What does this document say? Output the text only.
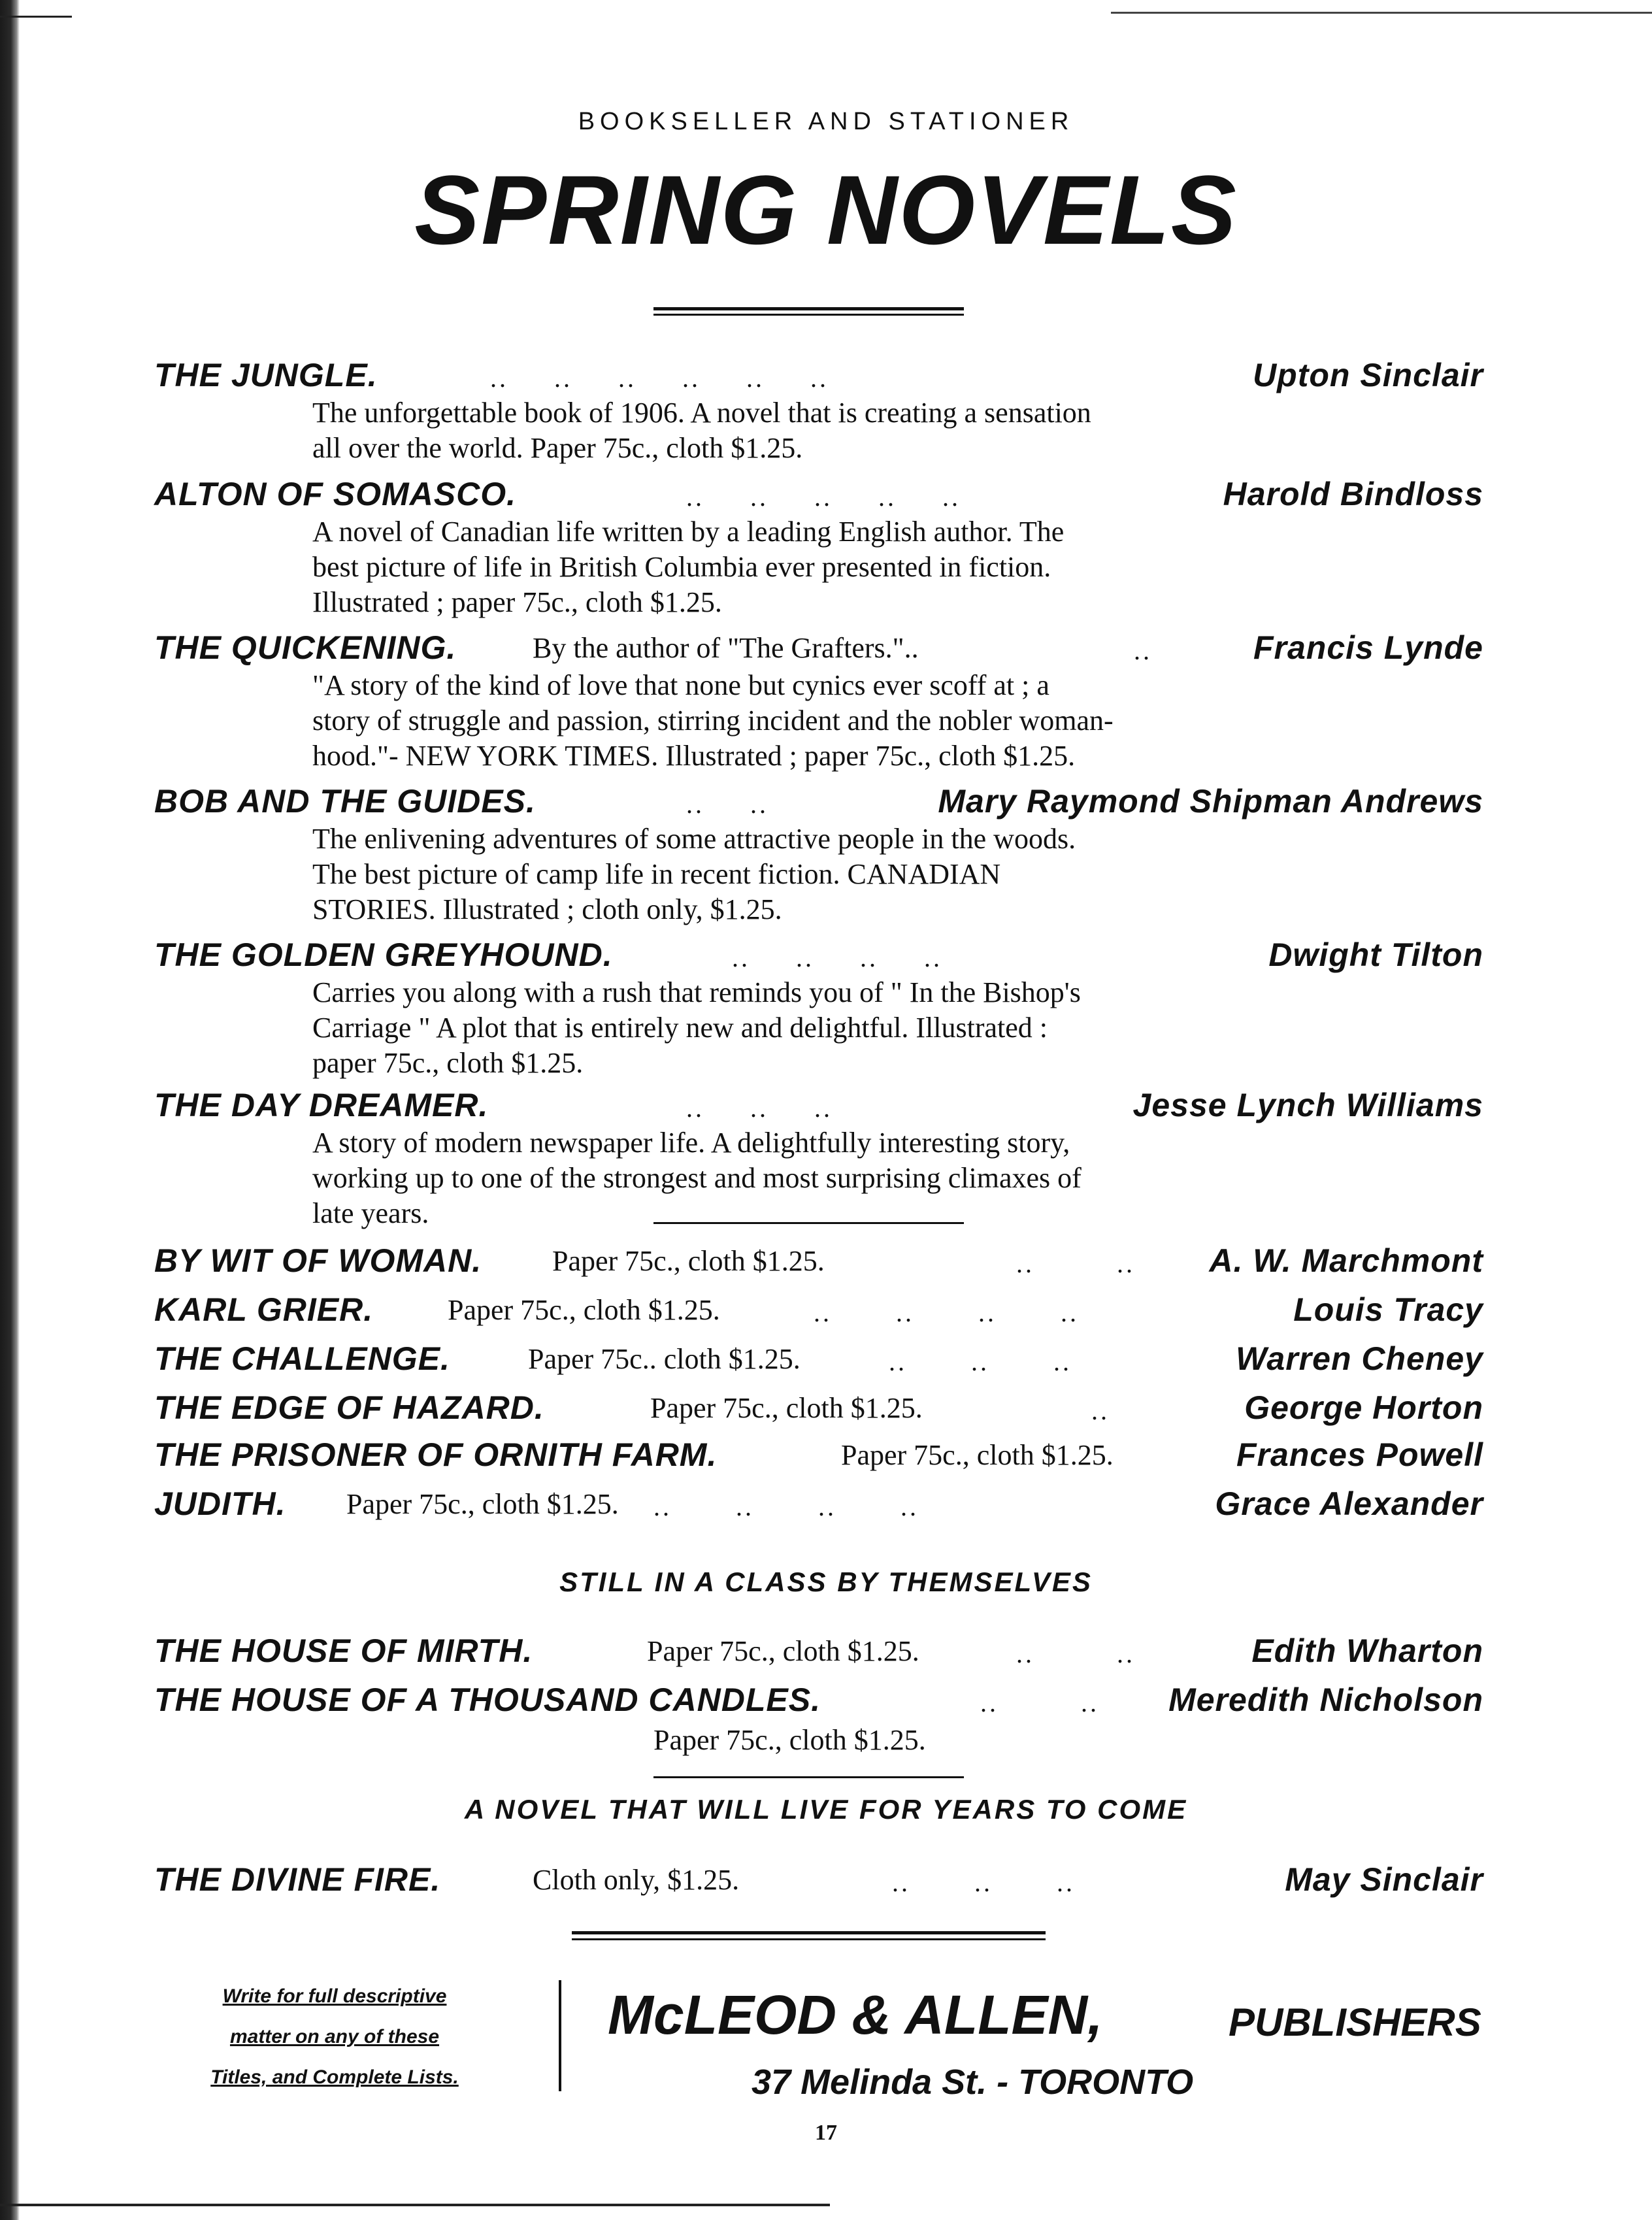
BOOKSELLER AND STATIONER
SPRING NOVELS
THE JUNGLE.	..     ..     ..     ..     ..     ..	Upton Sinclair
The unforgettable book of 1906. A novel that is creating a sensation
all over the world. Paper 75c., cloth $1.25.
ALTON OF SOMASCO.	..     ..     ..     ..     ..	Harold Bindloss
A novel of Canadian life written by a leading English author. The
best picture of life in British Columbia ever presented in fiction.
Illustrated ; paper 75c., cloth $1.25.
THE QUICKENING.	By the author of "The Grafters."..	..	Francis Lynde
"A story of the kind of love that none but cynics ever scoff at ; a
story of struggle and passion, stirring incident and the nobler woman-
hood."- NEW YORK TIMES. Illustrated ; paper 75c., cloth $1.25.
BOB AND THE GUIDES.	..     ..	Mary Raymond Shipman Andrews
The enlivening adventures of some attractive people in the woods.
The best picture of camp life in recent fiction. CANADIAN
STORIES. Illustrated ; cloth only, $1.25.
THE GOLDEN GREYHOUND.	..     ..     ..     ..	Dwight Tilton
Carries you along with a rush that reminds you of " In the Bishop's
Carriage " A plot that is entirely new and delightful. Illustrated :
paper 75c., cloth $1.25.
THE DAY DREAMER.	..     ..     ..	Jesse Lynch Williams
A story of modern newspaper life. A delightfully interesting story,
working up to one of the strongest and most surprising climaxes of
late years.
BY WIT OF WOMAN. Paper 75c., cloth $1.25.	..         .. A. W. Marchmont
KARL GRIER.	Paper 75c., cloth $1.25.	..       ..       ..       ..	Louis Tracy
THE CHALLENGE.	Paper 75c.. cloth $1.25.	..       ..       ..	Warren Cheney
THE EDGE OF HAZARD.	Paper 75c., cloth $1.25.	..	George Horton
THE PRISONER OF ORNITH FARM.	Paper 75c., cloth $1.25.	Frances Powell
JUDITH. Paper 75c., cloth $1.25. ..       ..       ..       ..	Grace Alexander
STILL IN A CLASS BY THEMSELVES
THE HOUSE OF MIRTH.	Paper 75c., cloth $1.25.	..         ..	Edith Wharton
THE HOUSE OF A THOUSAND CANDLES.	..         .. Meredith Nicholson
Paper 75c., cloth $1.25.
A NOVEL THAT WILL LIVE FOR YEARS TO COME
THE DIVINE FIRE.	Cloth only, $1.25.	..       ..       ..	May Sinclair
Write for full descriptive
matter on any of these
Titles, and Complete Lists.
McLEOD & ALLEN,	PUBLISHERS
37 Melinda St. - TORONTO
17
